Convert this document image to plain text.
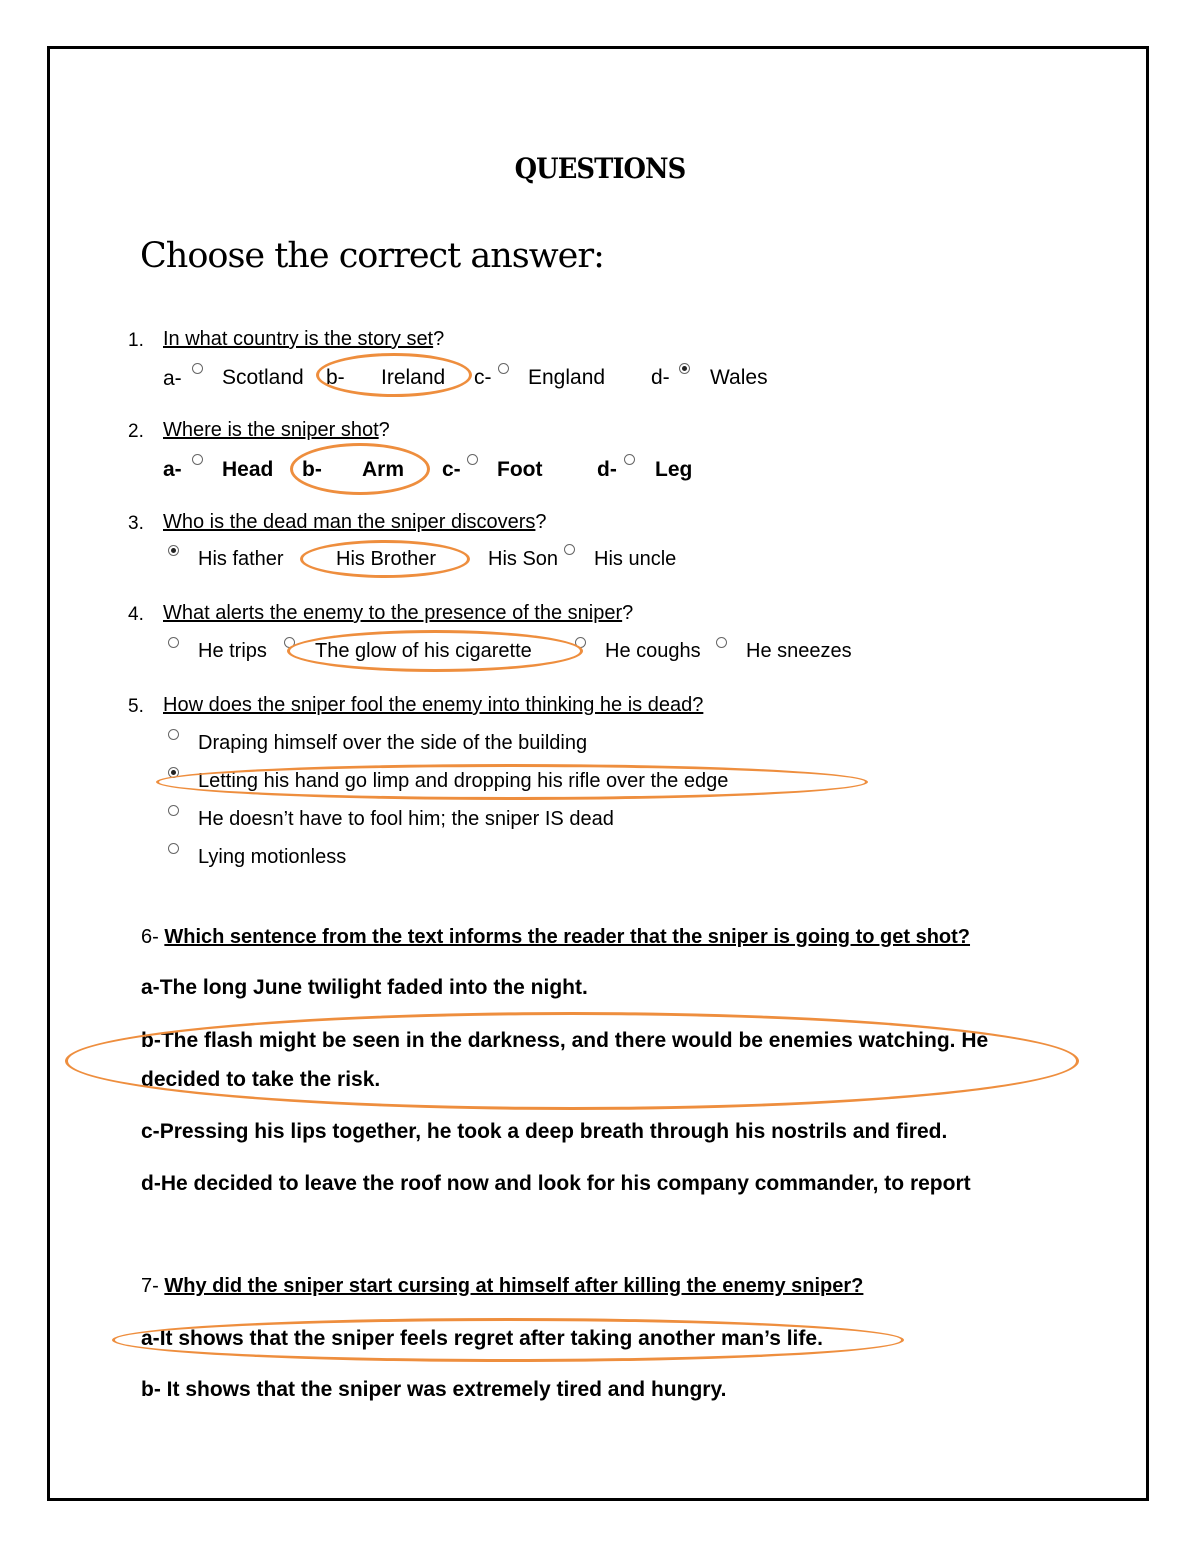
QUESTIONS
Choose the correct answer:
1. In what country is the story set?
a- Scotland b- Ireland c- England d- Wales
2. Where is the sniper shot?
a- Head b- Arm c- Foot	d- Leg
3. Who is the dead man the sniper discovers?
His father	His Brother	His Son His uncle
4. What alerts the enemy to the presence of the sniper?
He trips The glow of his cigarette	He coughs He sneezes
5. How does the sniper fool the enemy into thinking he is dead?
Draping himself over the side of the building
Letting his hand go limp and dropping his rifle over the edge
He doesn’t have to fool him; the sniper IS dead
Lying motionless
6- Which sentence from the text informs the reader that the sniper is going to get shot?
a-The long June twilight faded into the night.
b-The flash might be seen in the darkness, and there would be enemies watching. He
decided to take the risk.
c-Pressing his lips together, he took a deep breath through his nostrils and fired.
d-He decided to leave the roof now and look for his company commander, to report
7- Why did the sniper start cursing at himself after killing the enemy sniper?
a-It shows that the sniper feels regret after taking another man’s life.
b- It shows that the sniper was extremely tired and hungry.
